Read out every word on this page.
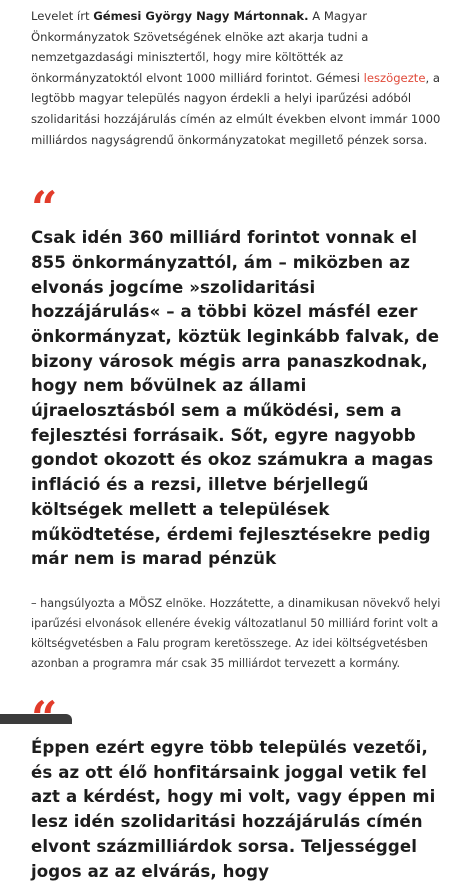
Levelet írt Gémesi György Nagy Mártonnak. A Magyar Önkormányzatok Szövetségének elnöke azt akarja tudni a nemzetgazdasági minisztertől, hogy mire költötték az önkormányzatoktól elvont 1000 milliárd forintot. Gémesi leszögezte, a legtöbb magyar település nagyon érdekli a helyi iparűzési adóból szolidaritási hozzájárulás címén az elmúlt években elvont immár 1000 milliárdos nagyságrendű önkormányzatokat megillető pénzek sorsa.

“

Csak idén 360 milliárd forintot vonnak el 855 önkormányzattól, ám – miközben az elvonás jogcíme »szolidaritási hozzájárulás« – a többi közel másfél ezer önkormányzat, köztük leginkább falvak, de bizony városok mégis arra panaszkodnak, hogy nem bővülnek az állami újraelosztásból sem a működési, sem a fejlesztési forrásaik. Sőt, egyre nagyobb gondot okozott és okoz számukra a magas infláció és a rezsi, illetve bérjellegű költségek mellett a települések működtetése, érdemi fejlesztésekre pedig már nem is marad pénzük

– hangsúlyozta a MÖSZ elnöke. Hozzátette, a dinamikusan növekvő helyi iparűzési elvonások ellenére évekig változatlanul 50 milliárd forint volt a költségvetésben a Falu program keretösszege. Az idei költségvetésben azonban a programra már csak 35 milliárdot tervezett a kormány.

Éppen ezért egyre több település vezetői, és az ott élő honfitársaink joggal vetik fel azt a kérdést, hogy mi volt, vagy éppen mi lesz idén szolidaritási hozzájárulás címén elvont százmilliárdok sorsa. Teljességgel jogos az az elvárás, hogy
